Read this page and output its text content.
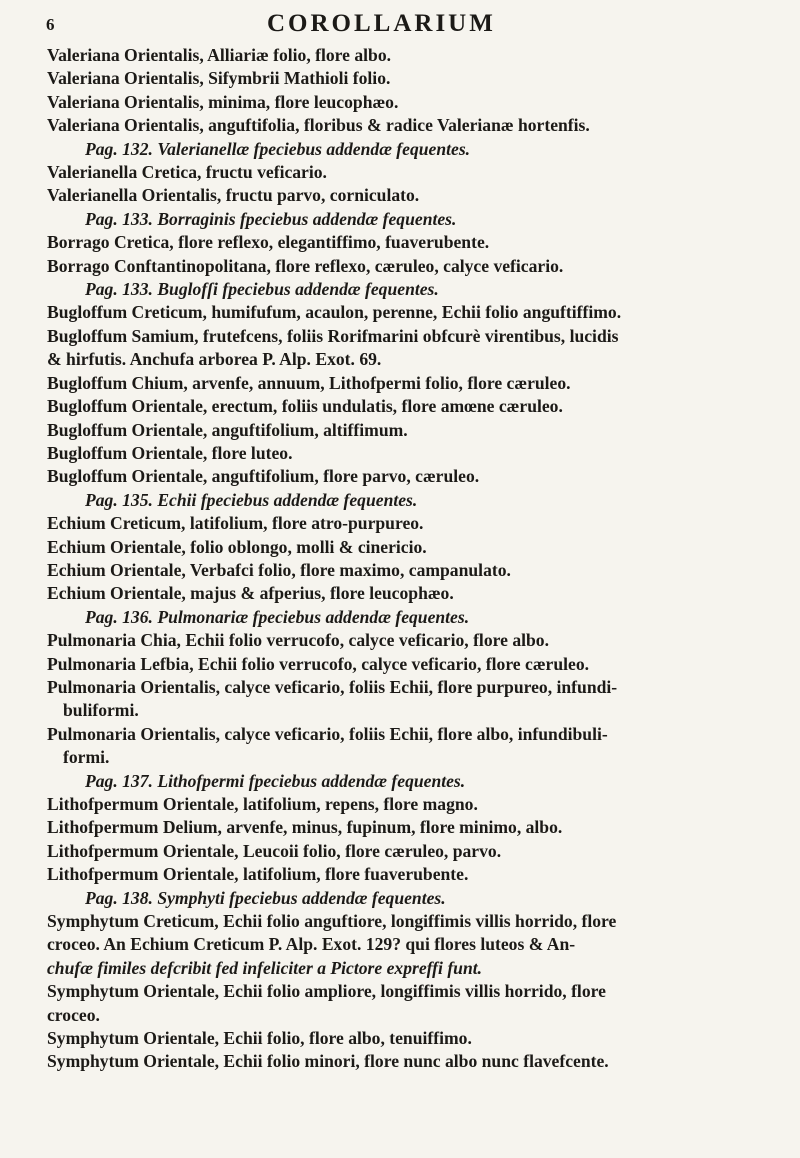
6	COROLLARIUM
Valeriana Orientalis, Alliariæ folio, flore albo.
Valeriana Orientalis, Sifymbrii Mathioli folio.
Valeriana Orientalis, minima, flore leucophæo.
Valeriana Orientalis, anguftifolia, floribus & radice Valerianæ hortenfis.
Pag. 132. Valerianellæ fpeciebus addendæ fequentes.
Valerianella Cretica, fructu veficario.
Valerianella Orientalis, fructu parvo, corniculato.
Pag. 133. Borraginis fpeciebus addendæ fequentes.
Borrago Cretica, flore reflexo, elegantiffimo, fuaverubente.
Borrago Conftantinopolitana, flore reflexo, cæruleo, calyce veficario.
Pag. 133. Buglofſi fpeciebus addendæ fequentes.
Bugloffum Creticum, humifufum, acaulon, perenne, Echii folio anguftiffimo.
Bugloffum Samium, frutefcens, foliis Rorifmarini obfcurè virentibus, lucidis
& hirfutis. Anchufa arborea P. Alp. Exot. 69.
Bugloffum Chium, arvenfe, annuum, Lithofpermi folio, flore cæruleo.
Bugloffum Orientale, erectum, foliis undulatis, flore amœne cæruleo.
Bugloffum Orientale, anguftifolium, altiffimum.
Bugloffum Orientale, flore luteo.
Bugloffum Orientale, anguftifolium, flore parvo, cæruleo.
Pag. 135. Echii fpeciebus addendæ fequentes.
Echium Creticum, latifolium, flore atro-purpureo.
Echium Orientale, folio oblongo, molli & cinericio.
Echium Orientale, Verbafci folio, flore maximo, campanulato.
Echium Orientale, majus & afperius, flore leucophæo.
Pag. 136. Pulmonariæ fpeciebus addendæ fequentes.
Pulmonaria Chia, Echii folio verrucofo, calyce veficario, flore albo.
Pulmonaria Lefbia, Echii folio verrucofo, calyce veficario, flore cæruleo.
Pulmonaria Orientalis, calyce veficario, foliis Echii, flore purpureo, infundi-
buliformi.
Pulmonaria Orientalis, calyce veficario, foliis Echii, flore albo, infundibuli-
formi.
Pag. 137. Lithofpermi fpeciebus addendæ fequentes.
Lithofpermum Orientale, latifolium, repens, flore magno.
Lithofpermum Delium, arvenfe, minus, fupinum, flore minimo, albo.
Lithofpermum Orientale, Leucoii folio, flore cæruleo, parvo.
Lithofpermum Orientale, latifolium, flore fuaverubente.
Pag. 138. Symphyti fpeciebus addendæ fequentes.
Symphytum Creticum, Echii folio anguftiore, longiffimis villis horrido, flore
croceo. An Echium Creticum P. Alp. Exot. 129? qui flores luteos & An-
chufæ fimiles defcribit fed infeliciter a Pictore expreffi funt.
Symphytum Orientale, Echii folio ampliore, longiffimis villis horrido, flore
croceo.
Symphytum Orientale, Echii folio, flore albo, tenuiffimo.
Symphytum Orientale, Echii folio minori, flore nunc albo nunc flavefcente.
